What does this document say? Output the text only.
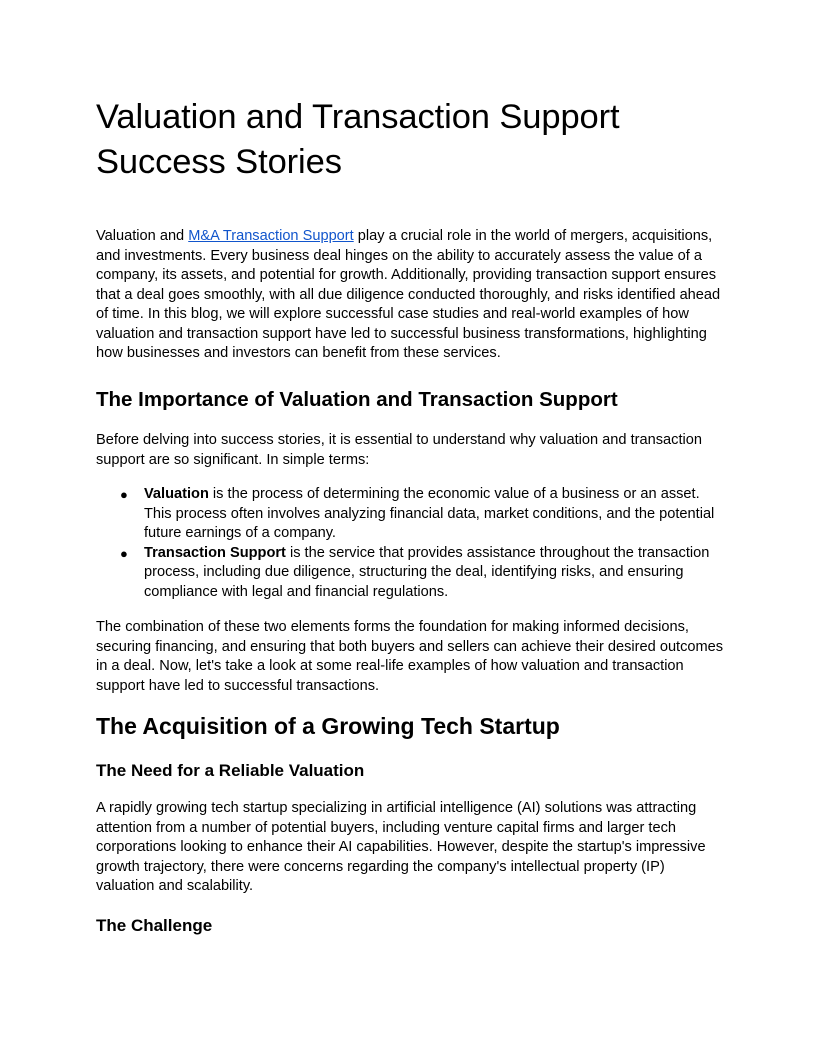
Valuation and Transaction Support Success Stories

Valuation and M&A Transaction Support play a crucial role in the world of mergers, acquisitions, and investments. Every business deal hinges on the ability to accurately assess the value of a company, its assets, and potential for growth. Additionally, providing transaction support ensures that a deal goes smoothly, with all due diligence conducted thoroughly, and risks identified ahead of time. In this blog, we will explore successful case studies and real-world examples of how valuation and transaction support have led to successful business transformations, highlighting how businesses and investors can benefit from these services.

The Importance of Valuation and Transaction Support

Before delving into success stories, it is essential to understand why valuation and transaction support are so significant. In simple terms:

● Valuation is the process of determining the economic value of a business or an asset. This process often involves analyzing financial data, market conditions, and the potential future earnings of a company.
● Transaction Support is the service that provides assistance throughout the transaction process, including due diligence, structuring the deal, identifying risks, and ensuring compliance with legal and financial regulations.

The combination of these two elements forms the foundation for making informed decisions, securing financing, and ensuring that both buyers and sellers can achieve their desired outcomes in a deal. Now, let's take a look at some real-life examples of how valuation and transaction support have led to successful transactions.

The Acquisition of a Growing Tech Startup
The Need for a Reliable Valuation

A rapidly growing tech startup specializing in artificial intelligence (AI) solutions was attracting attention from a number of potential buyers, including venture capital firms and larger tech corporations looking to enhance their AI capabilities. However, despite the startup's impressive growth trajectory, there were concerns regarding the company's intellectual property (IP) valuation and scalability.

The Challenge
